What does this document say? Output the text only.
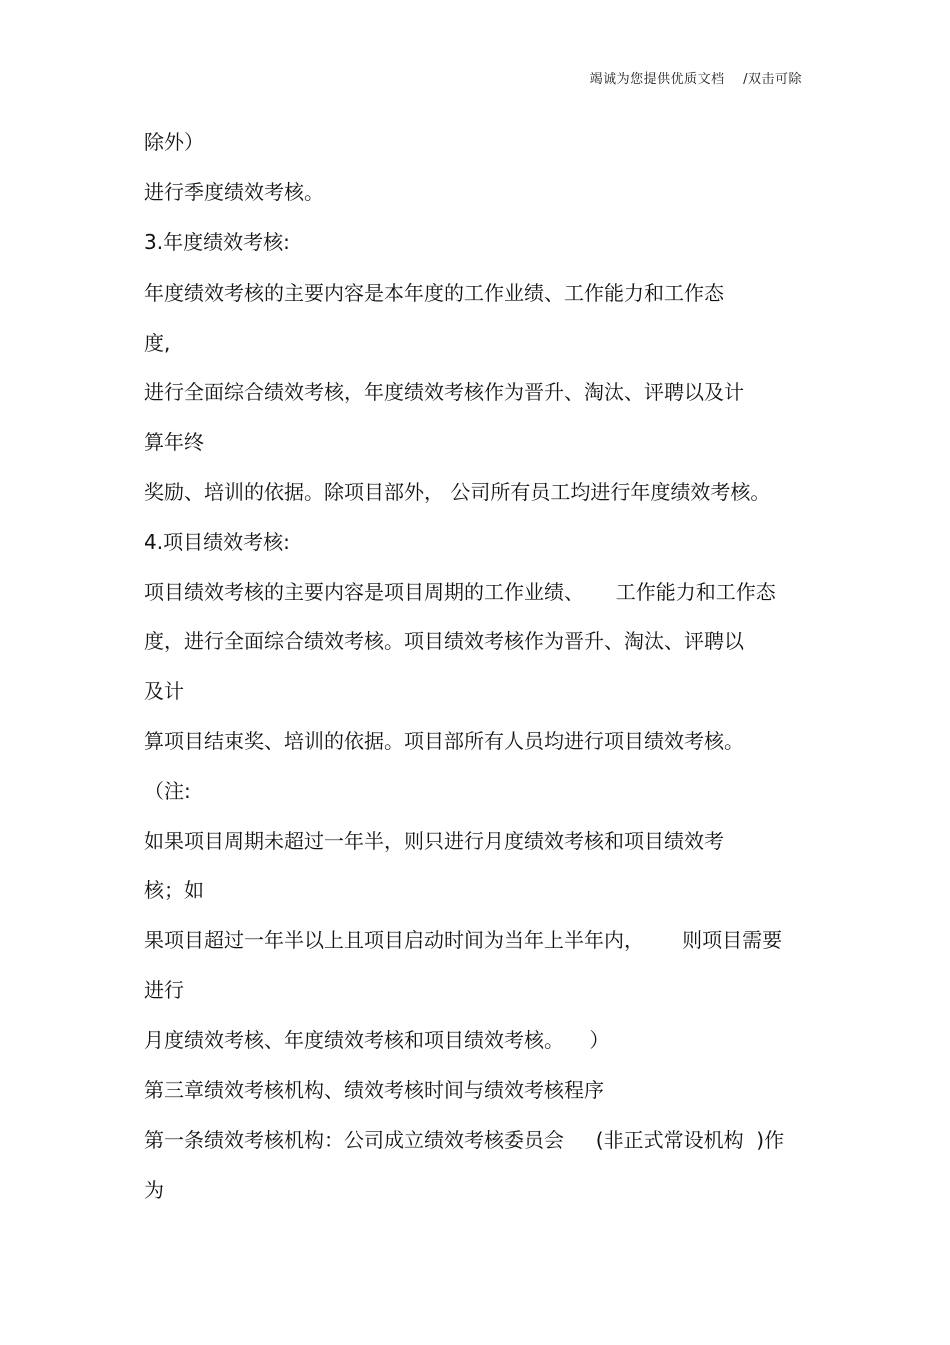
竭诚为您提供优质文档    /双击可除
除外）
进行季度绩效考核。
3.年度绩效考核:
年度绩效考核的主要内容是本年度的工作业绩、工作能力和工作态
度,
进行全面综合绩效考核，年度绩效考核作为晋升、淘汰、评聘以及计
算年终
奖励、培训的依据。除项目部外， 公司所有员工均进行年度绩效考核。
4.项目绩效考核:
项目绩效考核的主要内容是项目周期的工作业绩、     工作能力和工作态
度，进行全面综合绩效考核。项目绩效考核作为晋升、淘汰、评聘以
及计
算项目结束奖、培训的依据。项目部所有人员均进行项目绩效考核。
（注:
如果项目周期未超过一年半，则只进行月度绩效考核和项目绩效考
核；如
果项目超过一年半以上且项目启动时间为当年上半年内，      则项目需要
进行
月度绩效考核、年度绩效考核和项目绩效考核。    ）
第三章绩效考核机构、绩效考核时间与绩效考核程序
第一条绩效考核机构：公司成立绩效考核委员会     (非正式常设机构  )作
为
